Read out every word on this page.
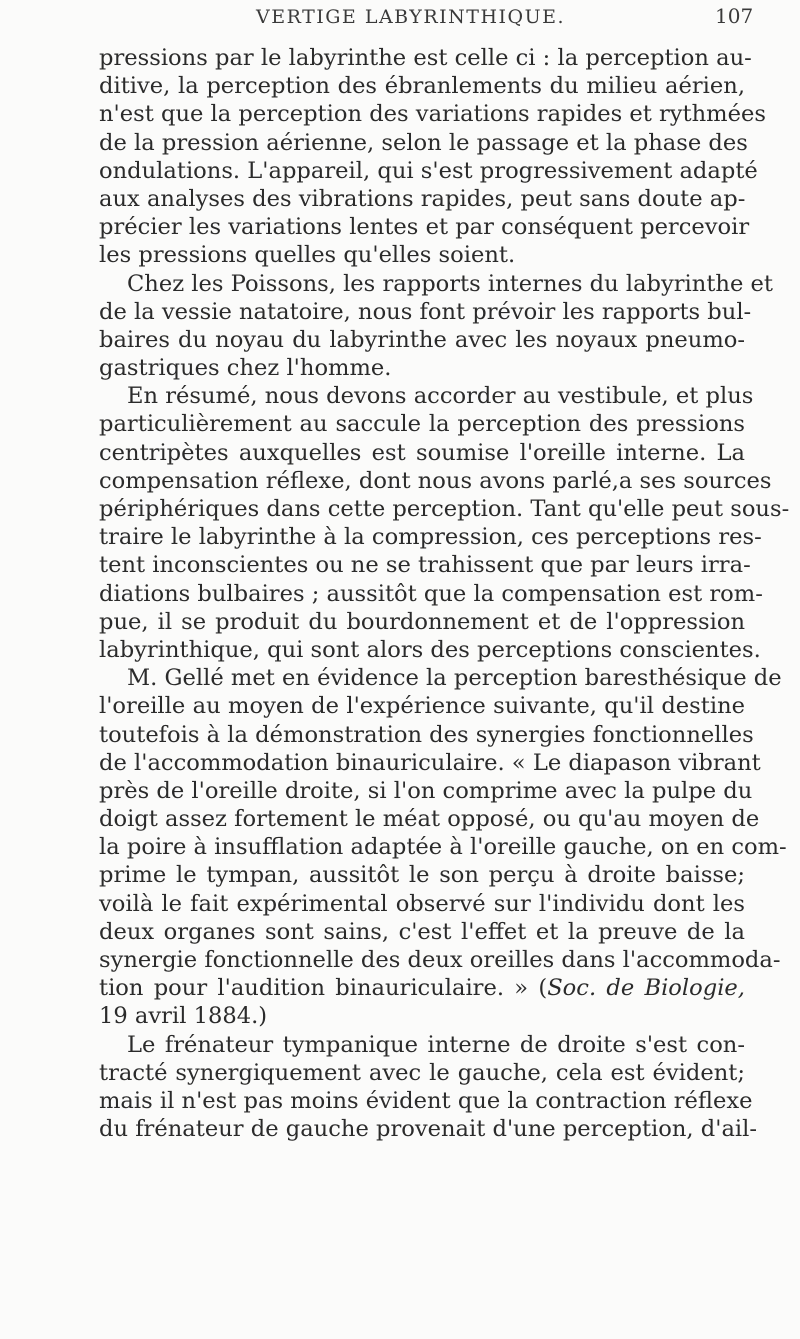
VERTIGE LABYRINTHIQUE.	107
pressions par le labyrinthe est celle ci : la perception au-
ditive, la perception des ébranlements du milieu aérien,
n'est que la perception des variations rapides et rythmées
de la pression aérienne, selon le passage et la phase des
ondulations. L'appareil, qui s'est progressivement adapté
aux analyses des vibrations rapides, peut sans doute ap-
précier les variations lentes et par conséquent percevoir
les pressions quelles qu'elles soient.
Chez les Poissons, les rapports internes du labyrinthe et
de la vessie natatoire, nous font prévoir les rapports bul-
baires du noyau du labyrinthe avec les noyaux pneumo-
gastriques chez l'homme.
En résumé, nous devons accorder au vestibule, et plus
particulièrement au saccule la perception des pressions
centripètes auxquelles est soumise l'oreille interne. La
compensation réflexe, dont nous avons parlé,a ses sources
périphériques dans cette perception. Tant qu'elle peut sous-
traire le labyrinthe à la compression, ces perceptions res-
tent inconscientes ou ne se trahissent que par leurs irra-
diations bulbaires ; aussitôt que la compensation est rom-
pue, il se produit du bourdonnement et de l'oppression
labyrinthique, qui sont alors des perceptions conscientes.
M. Gellé met en évidence la perception baresthésique de
l'oreille au moyen de l'expérience suivante, qu'il destine
toutefois à la démonstration des synergies fonctionnelles
de l'accommodation binauriculaire. « Le diapason vibrant
près de l'oreille droite, si l'on comprime avec la pulpe du
doigt assez fortement le méat opposé, ou qu'au moyen de
la poire à insufflation adaptée à l'oreille gauche, on en com-
prime le tympan, aussitôt le son perçu à droite baisse;
voilà le fait expérimental observé sur l'individu dont les
deux organes sont sains, c'est l'effet et la preuve de la
synergie fonctionnelle des deux oreilles dans l'accommoda-
tion pour l'audition binauriculaire. » (Soc. de Biologie,
19 avril 1884.)
Le frénateur tympanique interne de droite s'est con-
tracté synergiquement avec le gauche, cela est évident;
mais il n'est pas moins évident que la contraction réflexe
du frénateur de gauche provenait d'une perception, d'ail-
